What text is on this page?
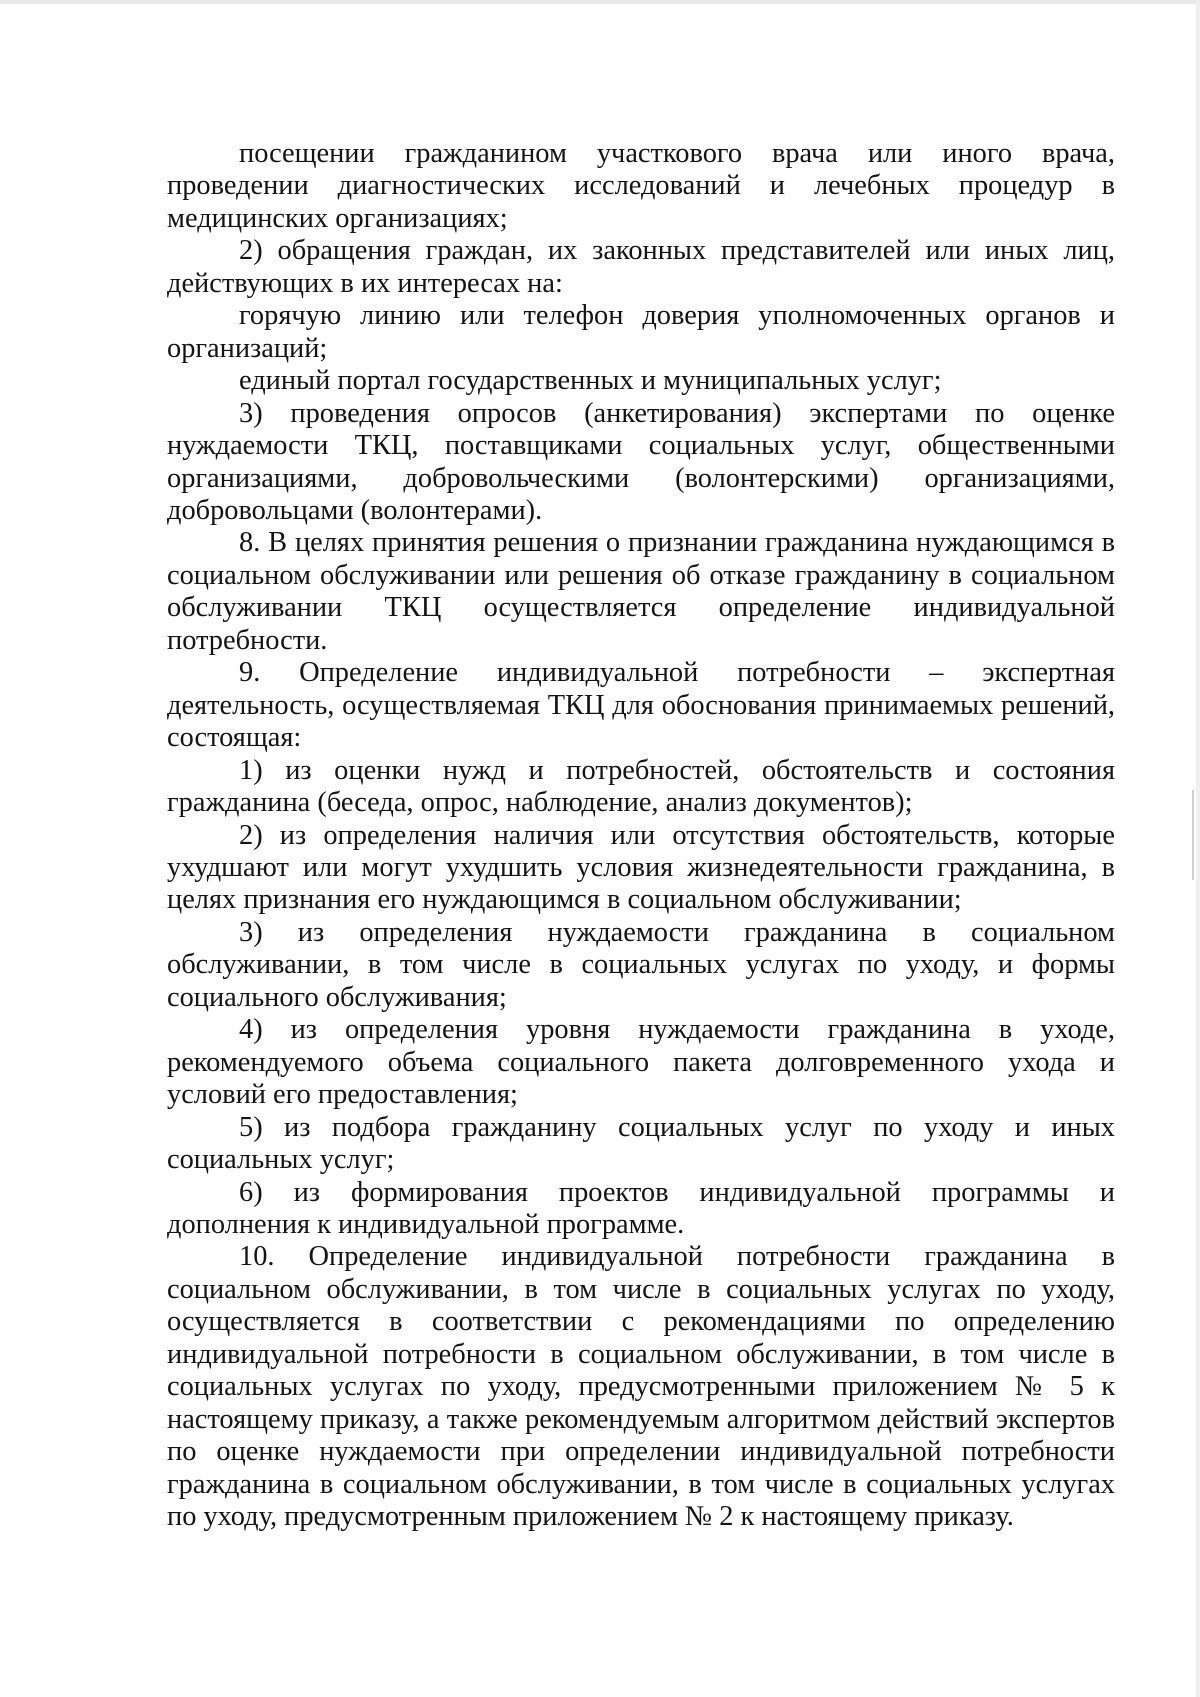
посещении гражданином участкового врача или иного врача, проведении диагностических исследований и лечебных процедур в медицинских организациях;

2) обращения граждан, их законных представителей или иных лиц, действующих в их интересах на:

горячую линию или телефон доверия уполномоченных органов и организаций;

единый портал государственных и муниципальных услуг;

3) проведения опросов (анкетирования) экспертами по оценке нуждаемости ТКЦ, поставщиками социальных услуг, общественными организациями, добровольческими (волонтерскими) организациями, добровольцами (волонтерами).

8. В целях принятия решения о признании гражданина нуждающимся в социальном обслуживании или решения об отказе гражданину в социальном обслуживании ТКЦ осуществляется определение индивидуальной потребности.

9. Определение индивидуальной потребности – экспертная деятельность, осуществляемая ТКЦ для обоснования принимаемых решений, состоящая:

1) из оценки нужд и потребностей, обстоятельств и состояния гражданина (беседа, опрос, наблюдение, анализ документов);

2) из определения наличия или отсутствия обстоятельств, которые ухудшают или могут ухудшить условия жизнедеятельности гражданина, в целях признания его нуждающимся в социальном обслуживании;

3) из определения нуждаемости гражданина в социальном обслуживании, в том числе в социальных услугах по уходу, и формы социального обслуживания;

4) из определения уровня нуждаемости гражданина в уходе, рекомендуемого объема социального пакета долговременного ухода и условий его предоставления;

5) из подбора гражданину социальных услуг по уходу и иных социальных услуг;

6) из формирования проектов индивидуальной программы и дополнения к индивидуальной программе.

10. Определение индивидуальной потребности гражданина в социальном обслуживании, в том числе в социальных услугах по уходу, осуществляется в соответствии с рекомендациями по определению индивидуальной потребности в социальном обслуживании, в том числе в социальных услугах по уходу, предусмотренными приложением № 5 к настоящему приказу, а также рекомендуемым алгоритмом действий экспертов по оценке нуждаемости при определении индивидуальной потребности гражданина в социальном обслуживании, в том числе в социальных услугах по уходу, предусмотренным приложением № 2 к настоящему приказу.
